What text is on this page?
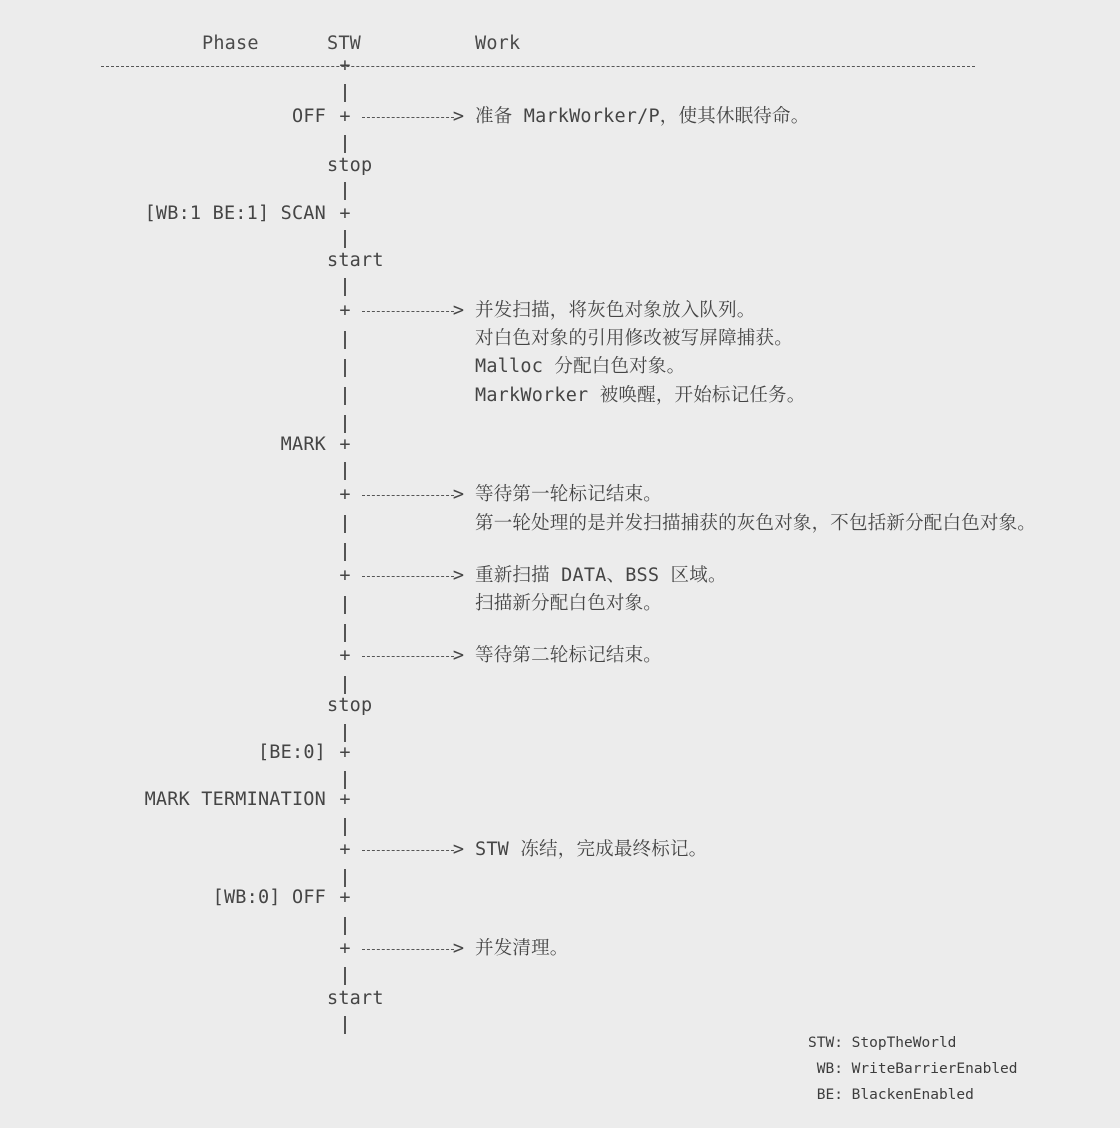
Phase	STW	Work
+
OFF +	> 准备 MarkWorker/P，使其休眠待命。
stop
[WB:1 BE:1] SCAN +
start
+	> 并发扫描，将灰色对象放入队列。
对白色对象的引用修改被写屏障捕获。
Malloc 分配白色对象。
MarkWorker 被唤醒，开始标记任务。
MARK +
+	> 等待第一轮标记结束。
第一轮处理的是并发扫描捕获的灰色对象，不包括新分配白色对象。
+	> 重新扫描 DATA、BSS 区域。
扫描新分配白色对象。
+	> 等待第二轮标记结束。
stop
[BE:0] +
MARK TERMINATION +
+	> STW 冻结，完成最终标记。
[WB:0] OFF +
+	> 并发清理。
start
STW: StopTheWorld
WB: WriteBarrierEnabled
BE: BlackenEnabled
